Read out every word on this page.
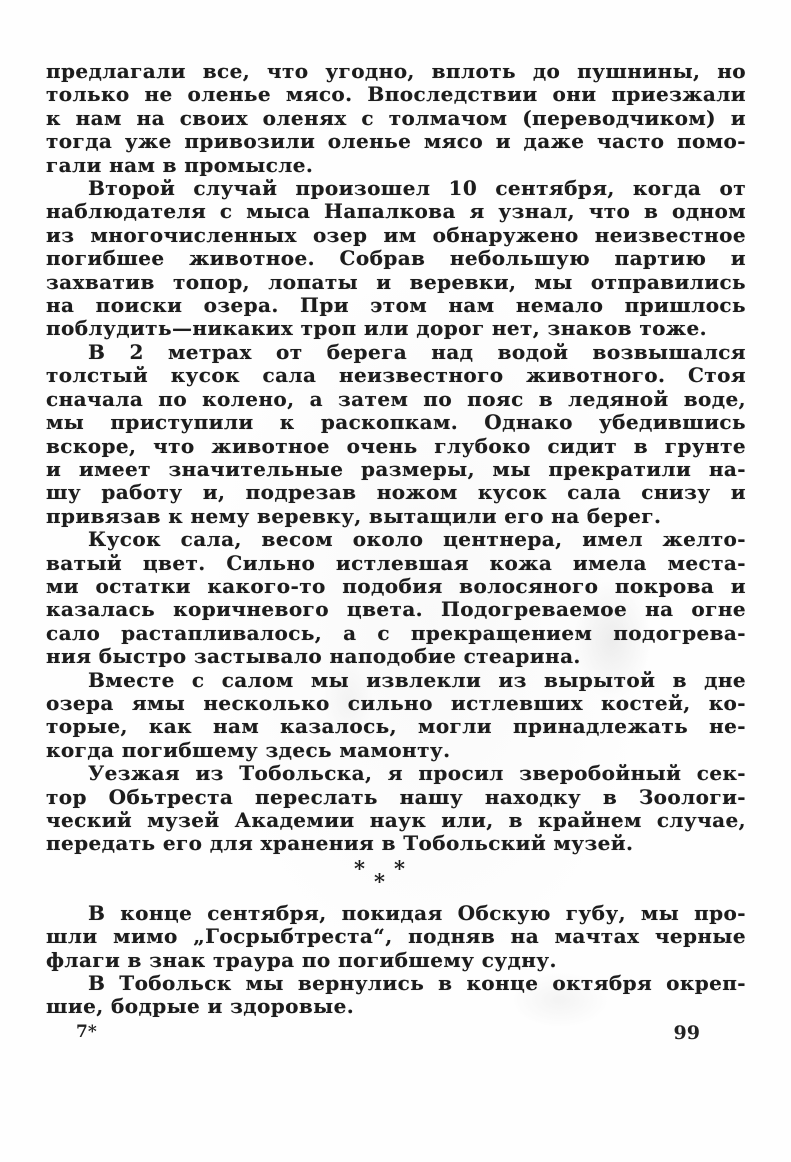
предлагали все, что угодно, вплоть до пушнины, но
только не оленье мясо. Впоследствии они приезжали
к нам на своих оленях с толмачом (переводчиком) и
тогда уже привозили оленье мясо и даже часто помо-
гали нам в промысле.
Второй случай произошел 10 сентября, когда от
наблюдателя с мыса Напалкова я узнал, что в одном
из многочисленных озер им обнаружено неизвестное
погибшее животное. Собрав небольшую партию и
захватив топор, лопаты и веревки, мы отправились
на поиски озера. При этом нам немало пришлось
поблудить—никаких троп или дорог нет, знаков тоже.
В 2 метрах от берега над водой возвышался
толстый кусок сала неизвестного животного. Стоя
сначала по колено, а затем по пояс в ледяной воде,
мы приступили к раскопкам. Однако убедившись
вскоре, что животное очень глубоко сидит в грунте
и имеет значительные размеры, мы прекратили на-
шу работу и, подрезав ножом кусок сала снизу и
привязав к нему веревку, вытащили его на берег.
Кусок сала, весом около центнера, имел желто-
ватый цвет. Сильно истлевшая кожа имела места-
ми остатки какого-то подобия волосяного покрова и
казалась коричневого цвета. Подогреваемое на огне
сало растапливалось, а с прекращением подогрева-
ния быстро застывало наподобие стеарина.
Вместе с салом мы извлекли из вырытой в дне
озера ямы несколько сильно истлевших костей, ко-
торые, как нам казалось, могли принадлежать не-
когда погибшему здесь мамонту.
Уезжая из Тобольска, я просил зверобойный сек-
тор Обьтреста переслать нашу находку в Зоологи-
ческий музей Академии наук или, в крайнем случае,
передать его для хранения в Тобольский музей.
* *
*
В конце сентября, покидая Обскую губу, мы про-
шли мимо „Госрыбтреста“, подняв на мачтах черные
флаги в знак траура по погибшему судну.
В Тобольск мы вернулись в конце октября окреп-
шие, бодрые и здоровые.
7*	99
